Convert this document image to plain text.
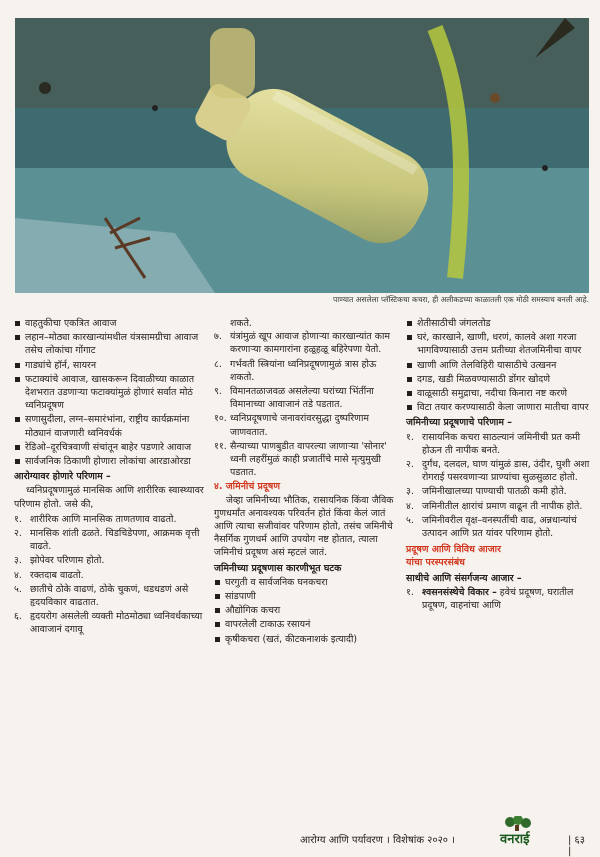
पाण्यात असलेला प्लॅस्टिकचा कचरा, ही अलीकडच्या काळातली एक मोठी समस्याच बनली आहे.
वाहतुकीचा एकत्रित आवाज
लहान–मोठ्या कारखान्यांमधील यंत्रसामग्रीचा आवाज तसेच लोकांचा गोंगाट
गाड्यांचे हॉर्न, सायरन
फटाक्यांचे आवाज, खासकरून दिवाळीच्या काळात देशभरात उडणाऱ्या फटाक्यांमुळं होणारं सर्वात मोठं ध्वनिप्रदूषण
सणासुदीला, लग्न–समारंभांना, राष्ट्रीय कार्यक्रमांना मोठ्यानं वाजणारी ध्वनिवर्धकं
रेडिओ–दूरचित्रवाणी संचांतून बाहेर पडणारे आवाज
सार्वजनिक ठिकाणी होणारा लोकांचा आरडाओरडा
आरोग्यावर होणारे परिणाम –

ध्वनिप्रदूषणामुळं मानसिक आणि शारीरिक स्वास्थ्यावर परिणाम होतो. जसे की,

१. शारीरिक आणि मानसिक ताणतणाव वाढतो.
२. मानसिक शांती ढळते. चिडचिडेपणा, आक्रमक वृत्ती वाढते.
३. झोपेवर परिणाम होतो.
४. रक्तदाब वाढतो.
५. छातीचे ठोके वाढणं, ठोके चुकणं, धडधडणं असे हृदयविकार वाढतात.
६. हृदयरोग असलेली व्यक्ती मोठमोठ्या ध्वनिवर्धकाच्या आवाजानं दगावू
शकते.
७. यंत्रांमुळं खूप आवाज होणाऱ्या कारखान्यांत काम करणाऱ्या कामगारांना हळूहळू बहिरेपणा येतो.
८. गर्भवती स्त्रियांना ध्वनिप्रदूषणामुळं त्रास होऊ शकतो.
९. विमानतळाजवळ असलेल्या घरांच्या भिंतींना विमानाच्या आवाजानं तडे पडतात.
१०. ध्वनिप्रदूषणाचे जनावरांवरसुद्धा दुष्परिणाम जाणवतात.
११. सैन्याच्या पाणबुडीत वापरल्या जाणाऱ्या 'सोनार' ध्वनी लहरींमुळं काही प्रजातींचे मासे मृत्युमुखी पडतात.
४. जमिनीचं प्रदूषण

जेव्हा जमिनीच्या भौतिक, रासायनिक किंवा जैविक गुणधर्मांत अनावश्यक परिवर्तन होतं किंवा केलं जातं आणि त्याचा सजीवांवर परिणाम होतो, तसंच जमिनीचे नैसर्गिक गुणधर्म आणि उपयोग नष्ट होतात, त्याला जमिनीचं प्रदूषण असं म्हटलं जातं.

जमिनीच्या प्रदूषणास कारणीभूत घटक
घरगुती व सार्वजनिक घनकचरा
सांडपाणी
औद्योगिक कचरा
वापरलेली टाकाऊ रसायनं
कृषीकचरा (खतं, कीटकनाशकं इत्यादी)
शेतीसाठीची जंगलतोड
घरं, कारखाने, खाणी, धरणं, कालवे अशा गरजा भागविण्यासाठी उत्तम प्रतीच्या शेतजमिनीचा वापर
खाणी आणि तेलविहिरी यासाठीचे उत्खनन
दगड, खडी मिळवण्यासाठी डोंगर खोदणे
वाळूसाठी समुद्राचा, नदीचा किनारा नष्ट करणे
विटा तयार करण्यासाठी केला जाणारा मातीचा वापर
जमिनीच्या प्रदूषणाचे परिणाम –
१. रासायनिक कचरा साठल्यानं जमिनीची प्रत कमी होऊन ती नापीक बनते.
२. दुर्गंध, दलदल, घाण यांमुळं डास, उंदीर, घुशी अशा रोगराई पसरवणाऱ्या प्राण्यांचा सुळसुळाट होतो.
३. जमिनीखालच्या पाण्याची पातळी कमी होते.
४. जमिनीतील क्षारांचं प्रमाण वाढून ती नापीक होते.
५. जमिनीवरील वृक्ष–वनस्पतींची वाढ, अन्नधान्यांचं उत्पादन आणि प्रत यांवर परिणाम होतो.
प्रदूषण आणि विविध आजार
यांचा परस्परसंबंध
साथीचे आणि संसर्गजन्य आजार –
१. श्वसनसंस्थेचे विकार – हवेचं प्रदूषण, घरातील प्रदूषण, वाहनांचा आणि
आरोग्य आणि पर्यावरण । विशेषांक २०२० ।	वनराई	| ६३ |
